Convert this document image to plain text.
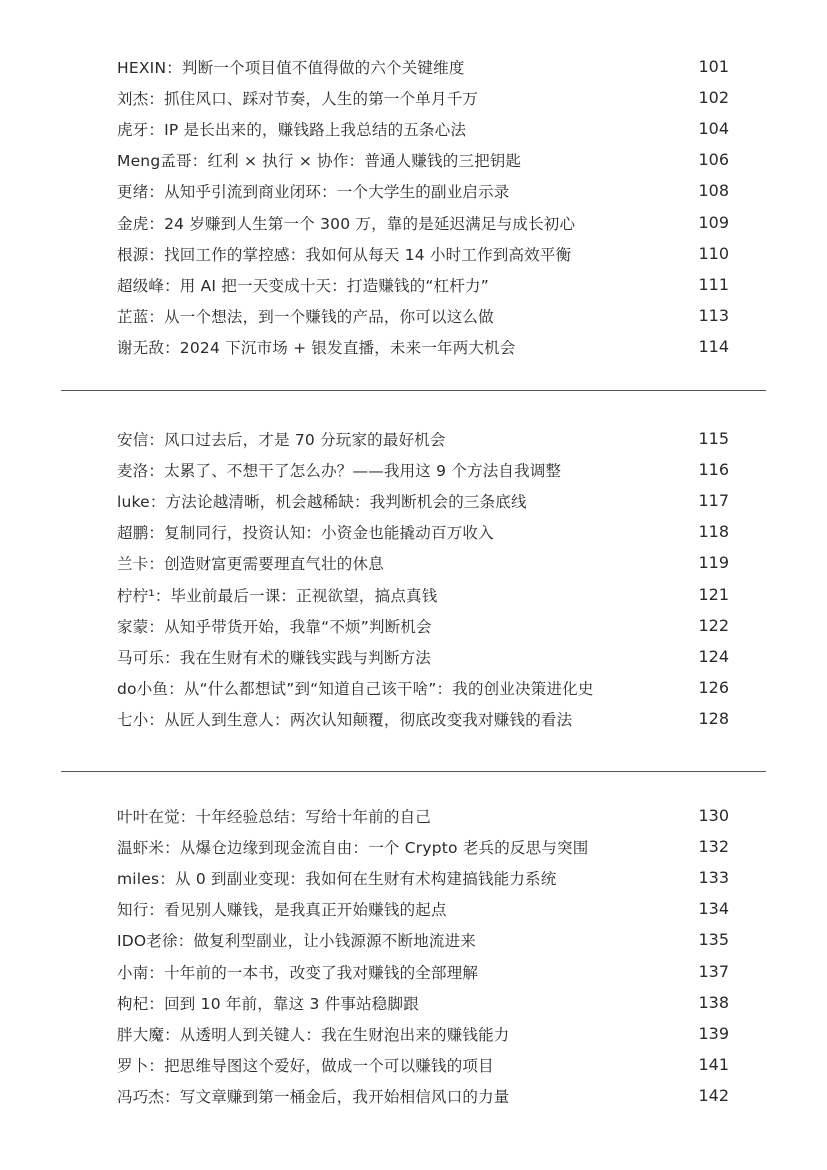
HEXIN：判断一个项目值不值得做的六个关键维度	101
刘杰：抓住风口、踩对节奏，人生的第一个单月千万	102
虎牙：IP 是长出来的，赚钱路上我总结的五条心法	104
Meng孟哥：红利 × 执行 × 协作：普通人赚钱的三把钥匙	106
更绪：从知乎引流到商业闭环：一个大学生的副业启示录	108
金虎：24 岁赚到人生第一个 300 万，靠的是延迟满足与成长初心	109
根源：找回工作的掌控感：我如何从每天 14 小时工作到高效平衡	110
超级峰：用 AI 把一天变成十天：打造赚钱的“杠杆力”	111
芷蓝：从一个想法，到一个赚钱的产品，你可以这么做	113
谢无敌：2024 下沉市场 + 银发直播，未来一年两大机会	114
安信：风口过去后，才是 70 分玩家的最好机会	115
麦洛：太累了、不想干了怎么办？——我用这 9 个方法自我调整	116
luke：方法论越清晰，机会越稀缺：我判断机会的三条底线	117
超鹏：复制同行，投资认知：小资金也能撬动百万收入	118
兰卡：创造财富更需要理直气壮的休息	119
柠柠¹：毕业前最后一课：正视欲望，搞点真钱	121
家蒙：从知乎带货开始，我靠“不烦”判断机会	122
马可乐：我在生财有术的赚钱实践与判断方法	124
do小鱼：从“什么都想试”到“知道自己该干啥”：我的创业决策进化史	126
七小：从匠人到生意人：两次认知颠覆，彻底改变我对赚钱的看法	128
叶叶在觉：十年经验总结：写给十年前的自己	130
温虾米：从爆仓边缘到现金流自由：一个 Crypto 老兵的反思与突围	132
miles：从 0 到副业变现：我如何在生财有术构建搞钱能力系统	133
知行：看见别人赚钱，是我真正开始赚钱的起点	134
IDO老徐：做复利型副业，让小钱源源不断地流进来	135
小南：十年前的一本书，改变了我对赚钱的全部理解	137
枸杞：回到 10 年前，靠这 3 件事站稳脚跟	138
胖大魔：从透明人到关键人：我在生财泡出来的赚钱能力	139
罗卜：把思维导图这个爱好，做成一个可以赚钱的项目	141
冯巧杰：写文章赚到第一桶金后，我开始相信风口的力量	142
